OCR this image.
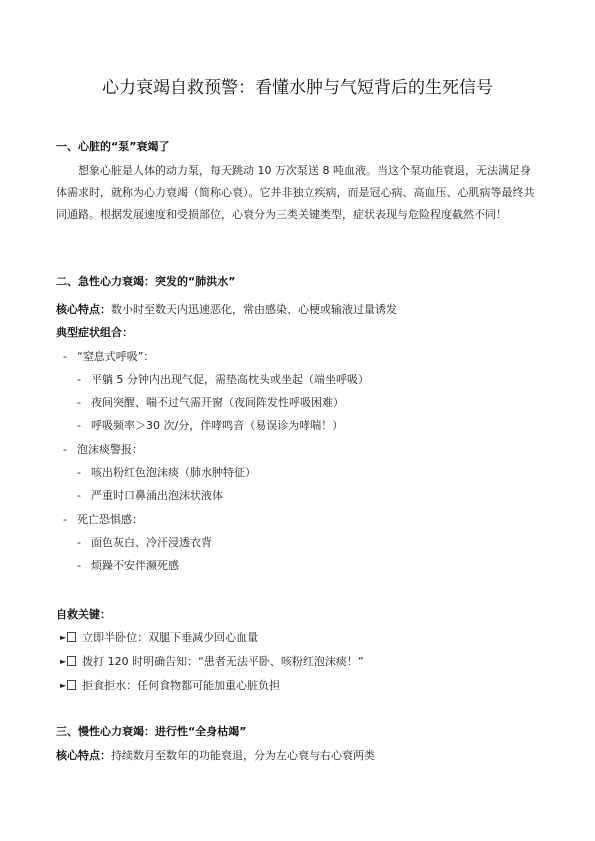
心力衰竭自救预警：看懂水肿与气短背后的生死信号
一、心脏的“泵”衰竭了
想象心脏是人体的动力泵，每天跳动 10 万次泵送 8 吨血液。当这个泵功能衰退，无法满足身体需求时，就称为心力衰竭（简称心衰）。它并非独立疾病，而是冠心病、高血压、心肌病等最终共同通路。根据发展速度和受损部位，心衰分为三类关键类型，症状表现与危险程度截然不同！
二、急性心力衰竭：突发的“肺洪水”
核心特点：数小时至数天内迅速恶化，常由感染、心梗或输液过量诱发
典型症状组合：
- “窒息式呼吸”：
- 平躺 5 分钟内出现气促，需垫高枕头或坐起（端坐呼吸）
- 夜间突醒、喘不过气需开窗（夜间阵发性呼吸困难）
- 呼吸频率＞30 次/分，伴哮鸣音（易误诊为哮喘！）
- 泡沫痰警报：
- 咳出粉红色泡沫痰（肺水肿特征）
- 严重时口鼻涌出泡沫状液体
- 死亡恐惧感：
- 面色灰白、冷汗浸透衣背
- 烦躁不安伴濒死感
自救关键：
► 立即半卧位：双腿下垂减少回心血量
► 拨打 120 时明确告知：“患者无法平卧、咳粉红泡沫痰！”
► 拒食拒水：任何食物都可能加重心脏负担
三、慢性心力衰竭：进行性“全身枯竭”
核心特点：持续数月至数年的功能衰退，分为左心衰与右心衰两类
